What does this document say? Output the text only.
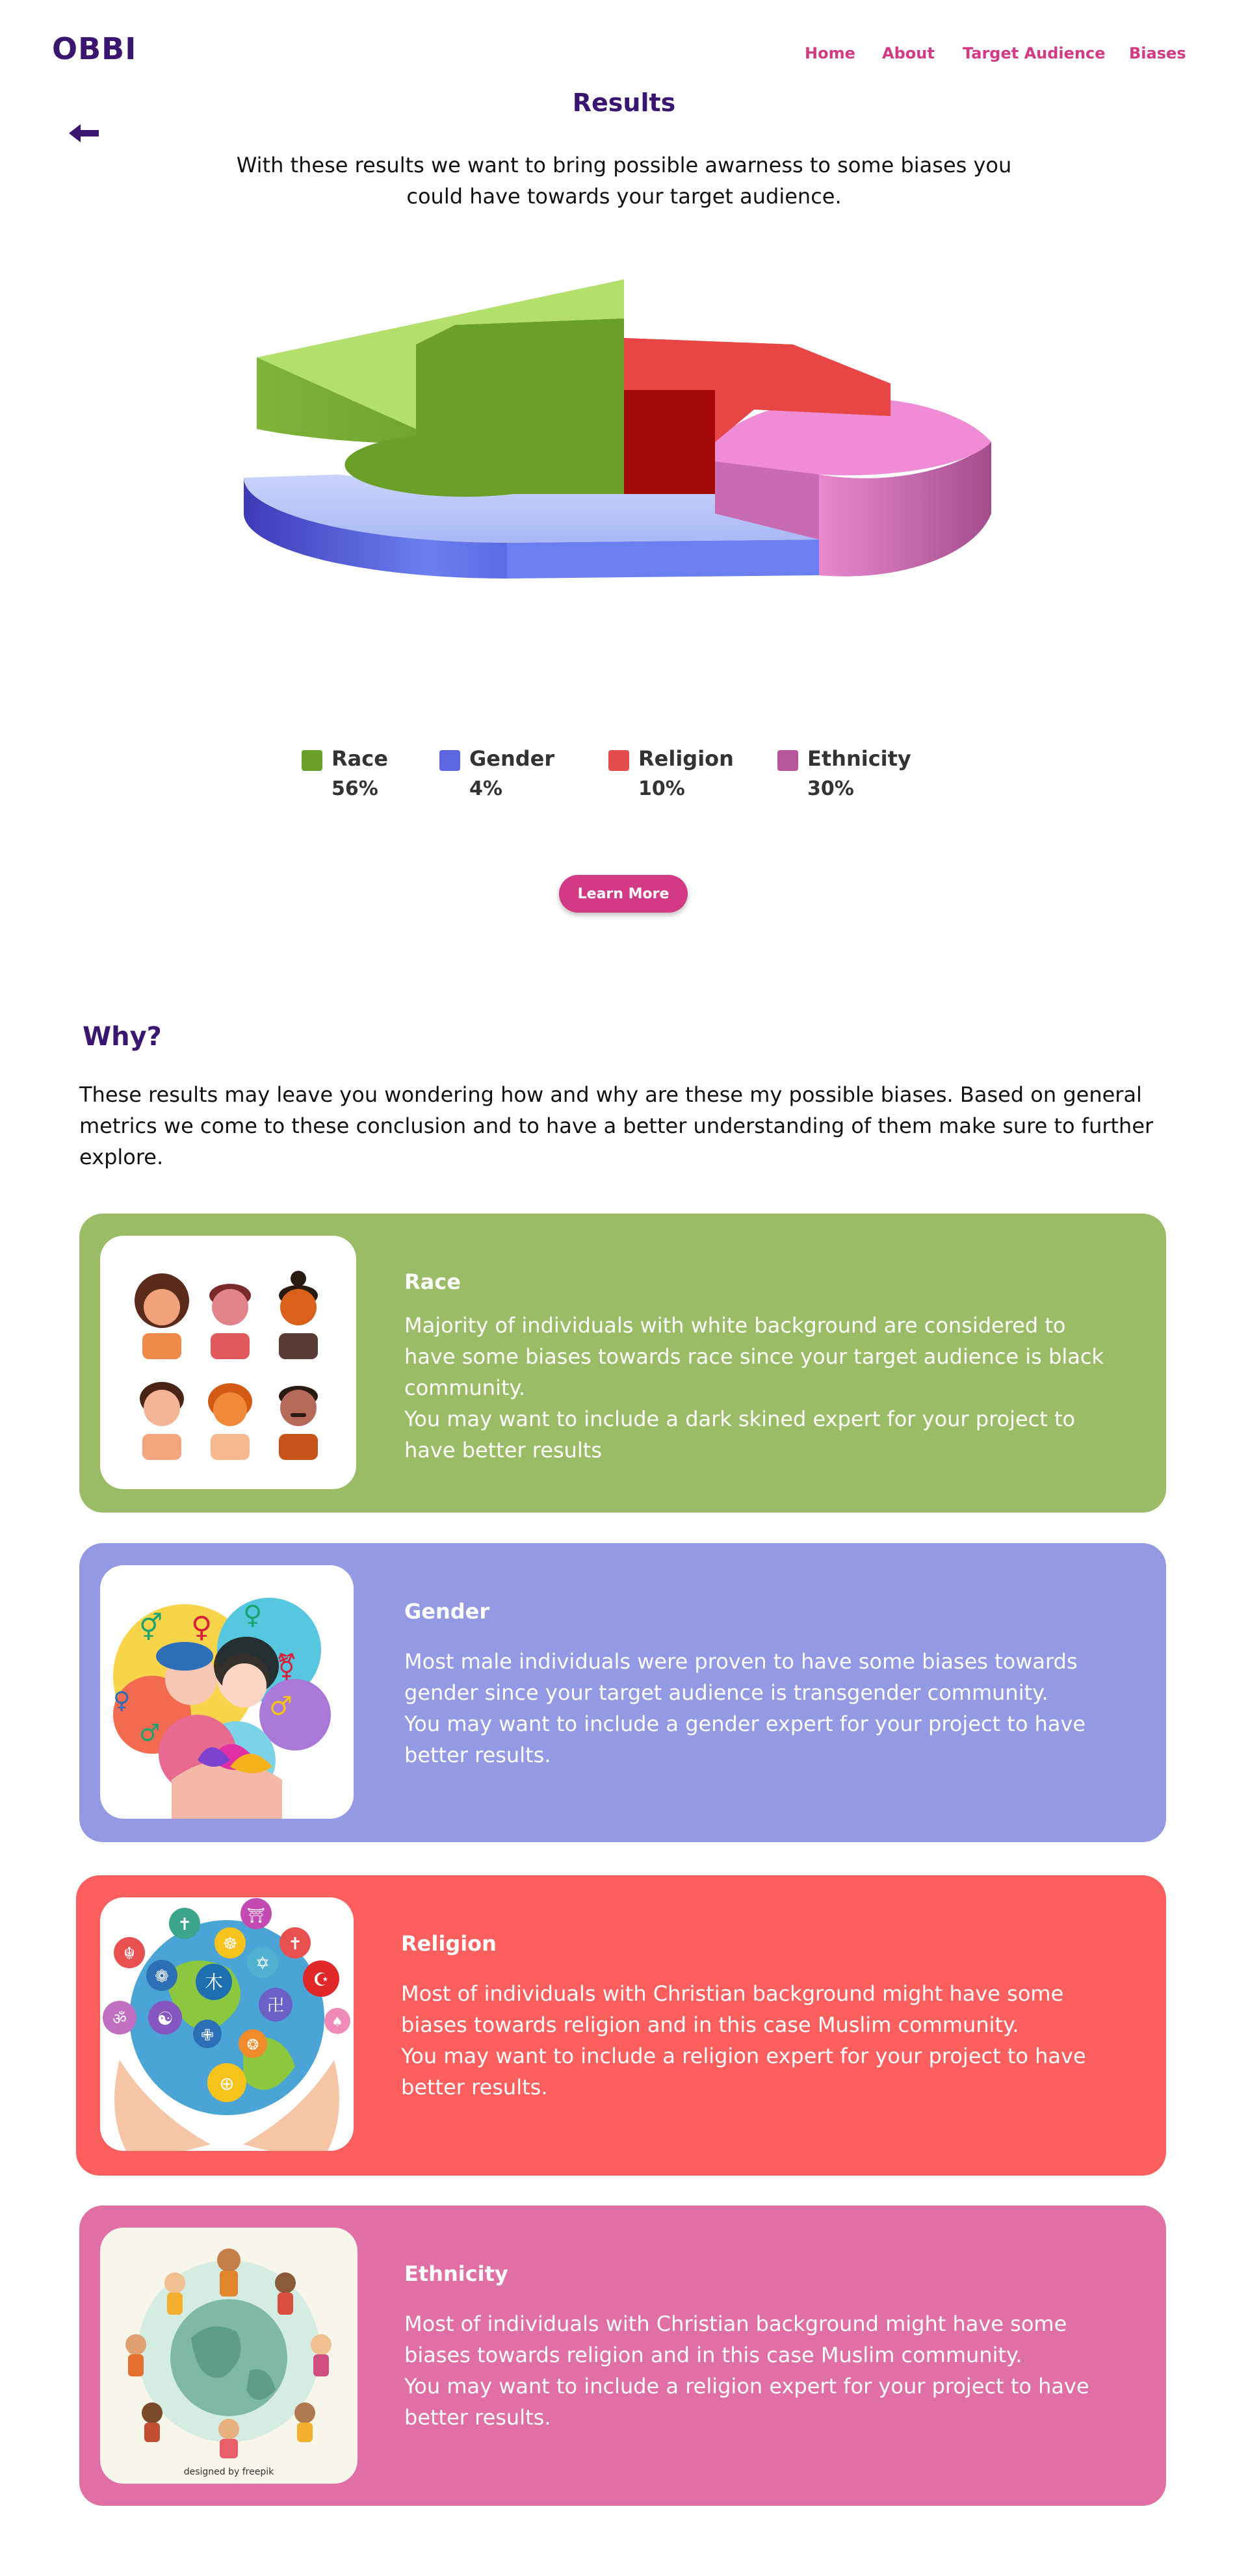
OBBI	Home About Target Audience Biases
Results
With these results we want to bring possible awarness to some biases you could have towards your target audience.
Race
56%
Gender
4%
Religion
10%
Ethnicity
30%
Learn More
Why?
These results may leave you wondering how and why are these my possible biases. Based on general metrics we come to these conclusion and to have a better understanding of them make sure to further explore.
Race

Majority of individuals with white background are considered to have some biases towards race since your target audience is black community.

You may want to include a dark skined expert for your project to have better results

⚥ ♀ ♀
♂
⚧
♀
♂
Gender

Most male individuals were proven to have some biases towards gender since your target audience is transgender community.

You may want to include a gender expert for your project to have better results.

☬
✝	⛩
✝
☸
❁ 木
✡
☪
ॐ ☯
✙
卍
❂
⊕
♠
Religion

Most of individuals with Christian background might have some biases towards religion and in this case Muslim community.

You may want to include a religion expert for your project to have better results.

designed by freepik
Ethnicity

Most of individuals with Christian background might have some biases towards religion and in this case Muslim community.

You may want to include a religion expert for your project to have better results.
